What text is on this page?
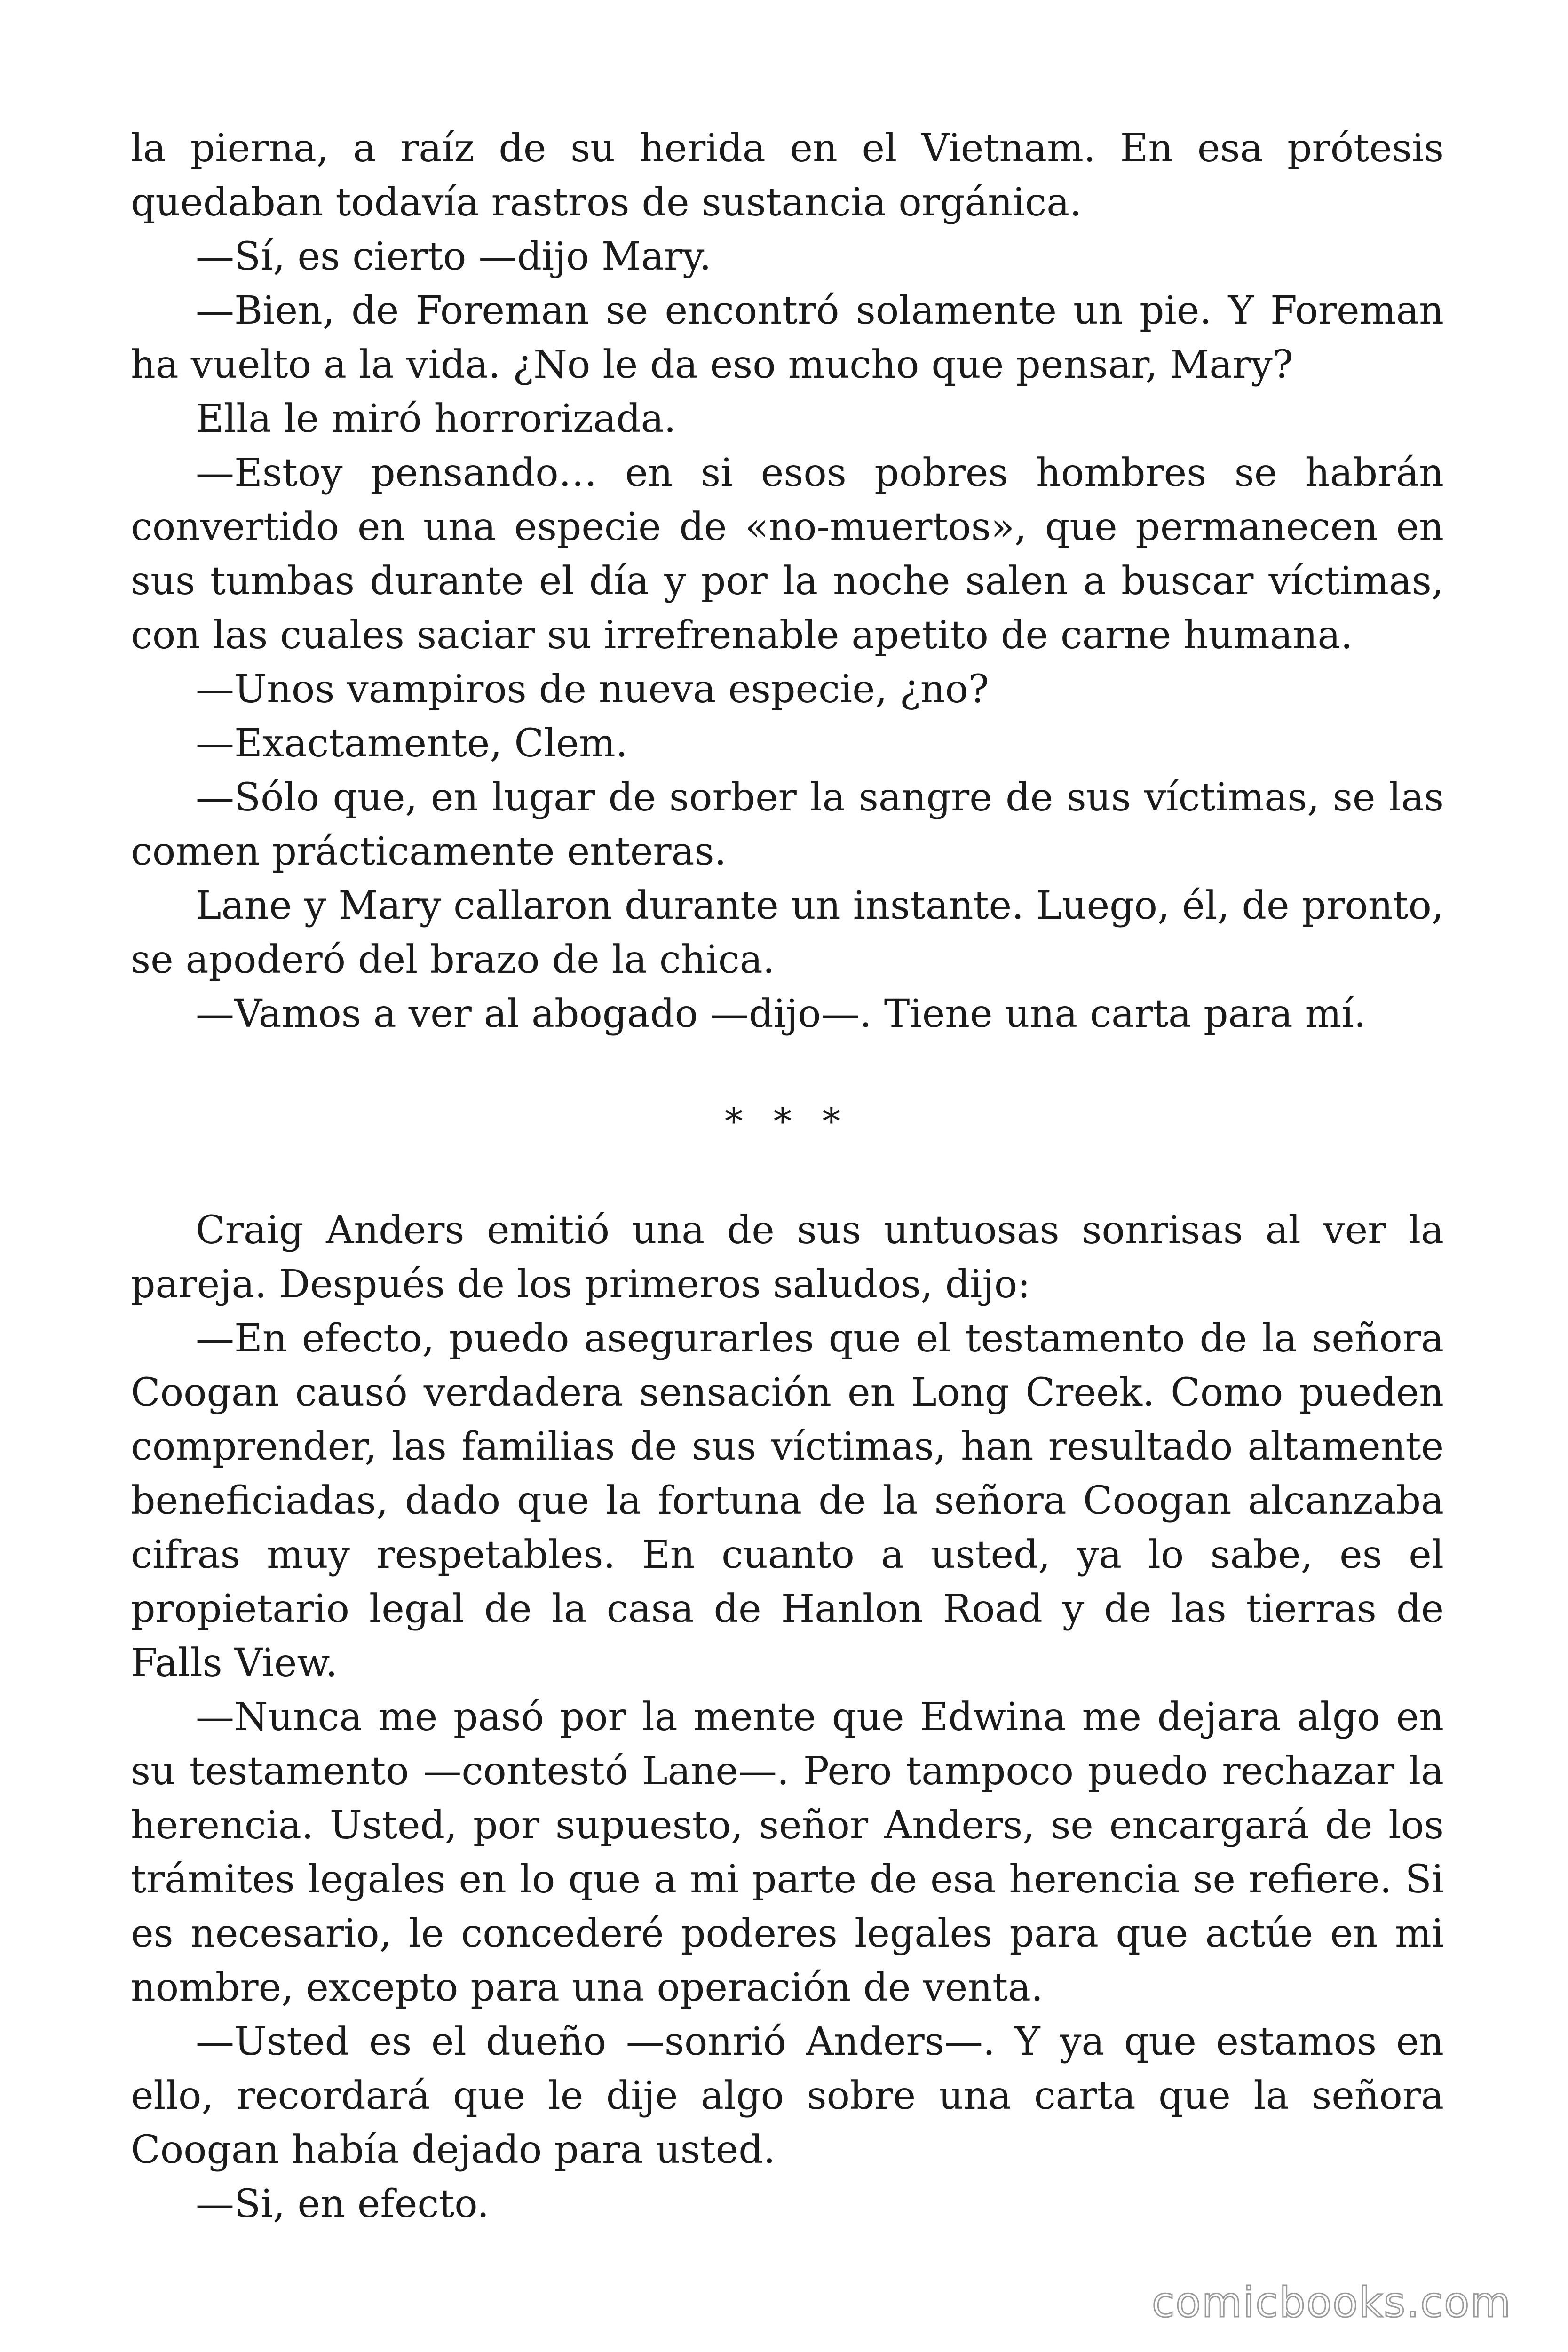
la pierna, a raíz de su herida en el Vietnam. En esa prótesis quedaban todavía rastros de sustancia orgánica.

—Sí, es cierto —dijo Mary.

—Bien, de Foreman se encontró solamente un pie. Y Foreman ha vuelto a la vida. ¿No le da eso mucho que pensar, Mary?

Ella le miró horrorizada.

—Estoy pensando… en si esos pobres hombres se habrán convertido en una especie de «no-muertos», que permanecen en sus tumbas durante el día y por la noche salen a buscar víctimas, con las cuales saciar su irrefrenable apetito de carne humana.

—Unos vampiros de nueva especie, ¿no?

—Exactamente, Clem.

—Sólo que, en lugar de sorber la sangre de sus víctimas, se las comen prácticamente enteras.

Lane y Mary callaron durante un instante. Luego, él, de pronto, se apoderó del brazo de la chica.

—Vamos a ver al abogado —dijo—. Tiene una carta para mí.

* * *

Craig Anders emitió una de sus untuosas sonrisas al ver la pareja. Después de los primeros saludos, dijo:

—En efecto, puedo asegurarles que el testamento de la señora Coogan causó verdadera sensación en Long Creek. Como pueden comprender, las familias de sus víctimas, han resultado altamente beneficiadas, dado que la fortuna de la señora Coogan alcanzaba cifras muy respetables. En cuanto a usted, ya lo sabe, es el propietario legal de la casa de Hanlon Road y de las tierras de Falls View.

—Nunca me pasó por la mente que Edwina me dejara algo en su testamento —contestó Lane—. Pero tampoco puedo rechazar la herencia. Usted, por supuesto, señor Anders, se encargará de los trámites legales en lo que a mi parte de esa herencia se refiere. Si es necesario, le concederé poderes legales para que actúe en mi nombre, excepto para una operación de venta.

—Usted es el dueño —sonrió Anders—. Y ya que estamos en ello, recordará que le dije algo sobre una carta que la señora Coogan había dejado para usted.

—Si, en efecto.

comicbooks.com
